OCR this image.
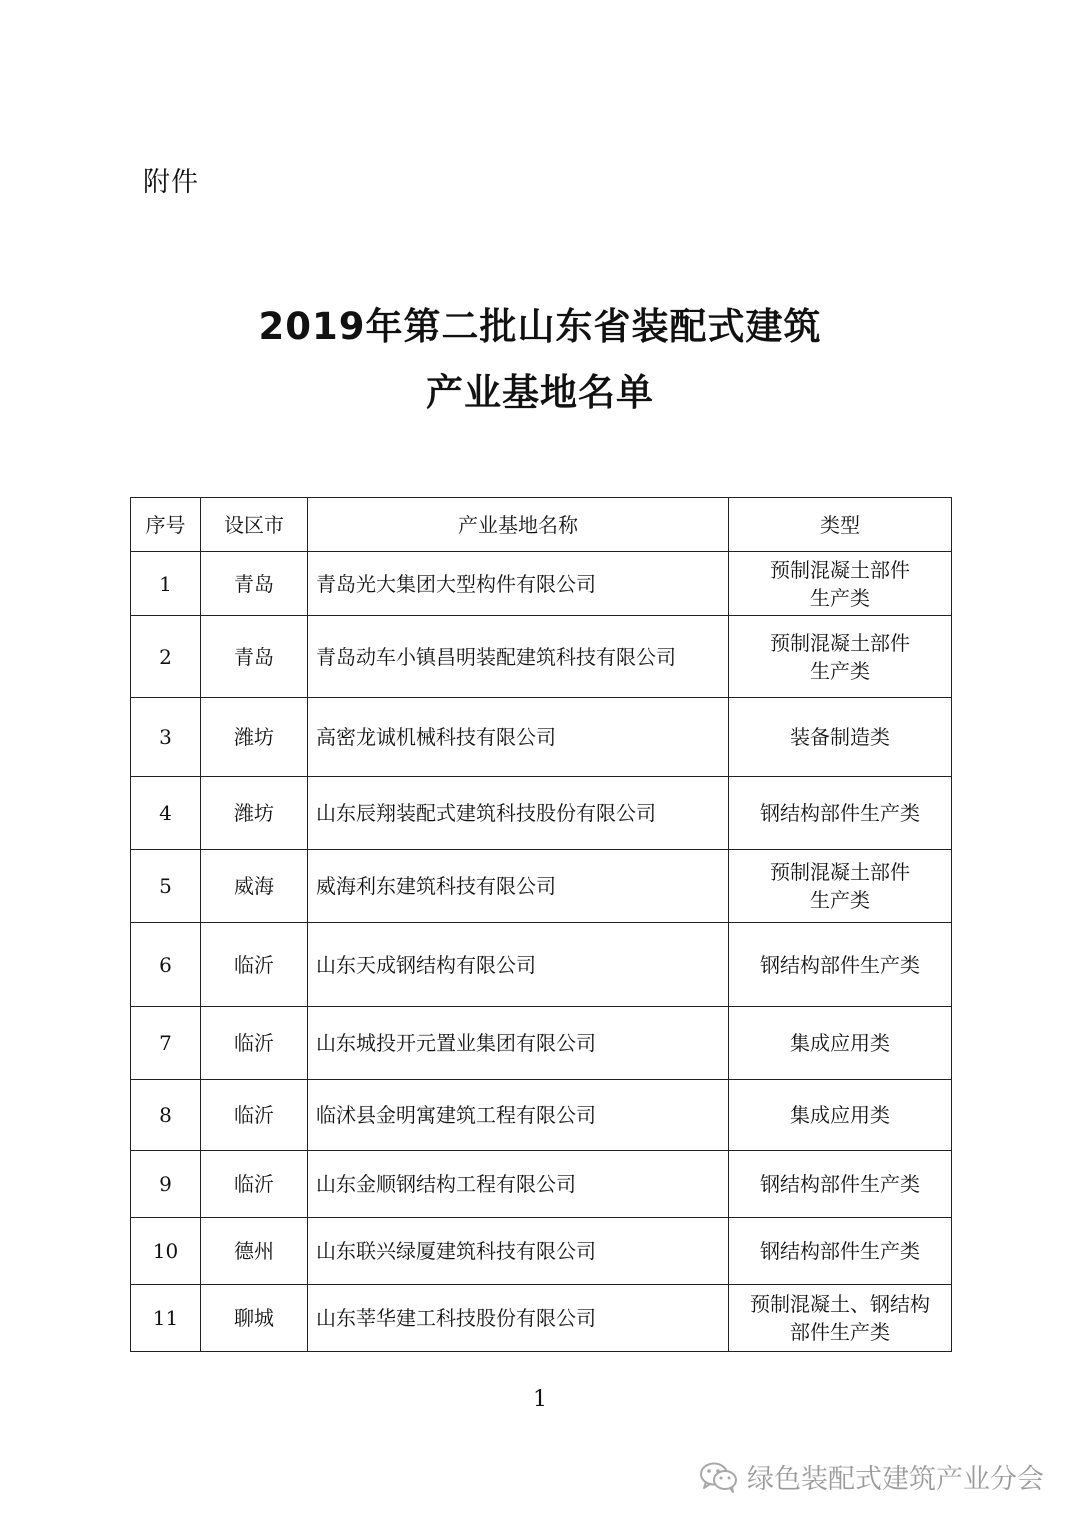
附件
2019年第二批山东省装配式建筑
产业基地名单
序号	设区市	产业基地名称	类型
1	青岛	青岛光大集团大型构件有限公司	预制混凝土部件
生产类
2	青岛	青岛动车小镇昌明装配建筑科技有限公司	预制混凝土部件
生产类
3	潍坊	高密龙诚机械科技有限公司	装备制造类
4	潍坊	山东辰翔装配式建筑科技股份有限公司	钢结构部件生产类
5	威海	威海利东建筑科技有限公司	预制混凝土部件
生产类
6	临沂	山东天成钢结构有限公司	钢结构部件生产类
7	临沂	山东城投开元置业集团有限公司	集成应用类
8	临沂	临沭县金明寓建筑工程有限公司	集成应用类
9	临沂	山东金顺钢结构工程有限公司	钢结构部件生产类
10	德州	山东联兴绿厦建筑科技有限公司	钢结构部件生产类
11	聊城	山东莘华建工科技股份有限公司	预制混凝土、钢结构
部件生产类
1
绿色装配式建筑产业分会
